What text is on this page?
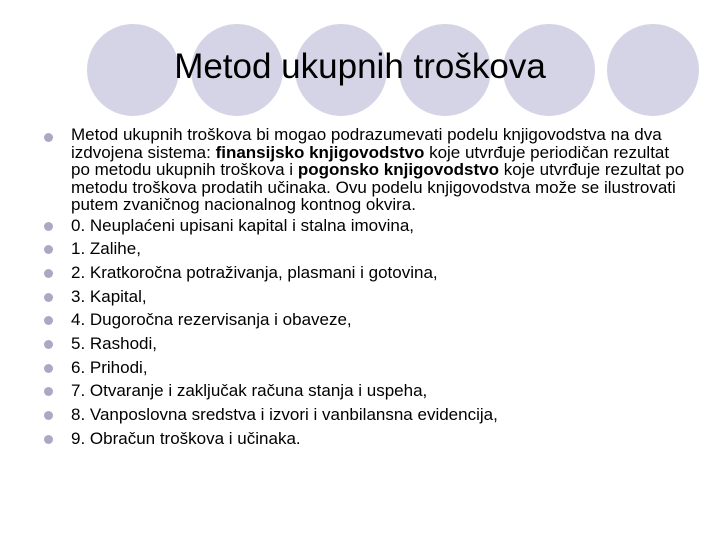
Metod ukupnih troškova
Metod ukupnih troškova bi mogao podrazumevati podelu knjigovodstva na dva izdvojena sistema: finansijsko knjigovodstvo koje utvrđuje periodičan rezultat po metodu ukupnih troškova i pogonsko knjigovodstvo koje utvrđuje rezultat po metodu troškova prodatih učinaka. Ovu podelu knjigovodstva može se ilustrovati putem zvaničnog nacionalnog kontnog okvira.
0. Neuplaćeni upisani kapital i stalna imovina,
1. Zalihe,
2. Kratkoročna potraživanja, plasmani i gotovina,
3. Kapital,
4. Dugoročna rezervisanja i obaveze,
5. Rashodi,
6. Prihodi,
7. Otvaranje i zaključak računa stanja i uspeha,
8. Vanposlovna sredstva i izvori i vanbilansna evidencija,
9. Obračun troškova i učinaka.
